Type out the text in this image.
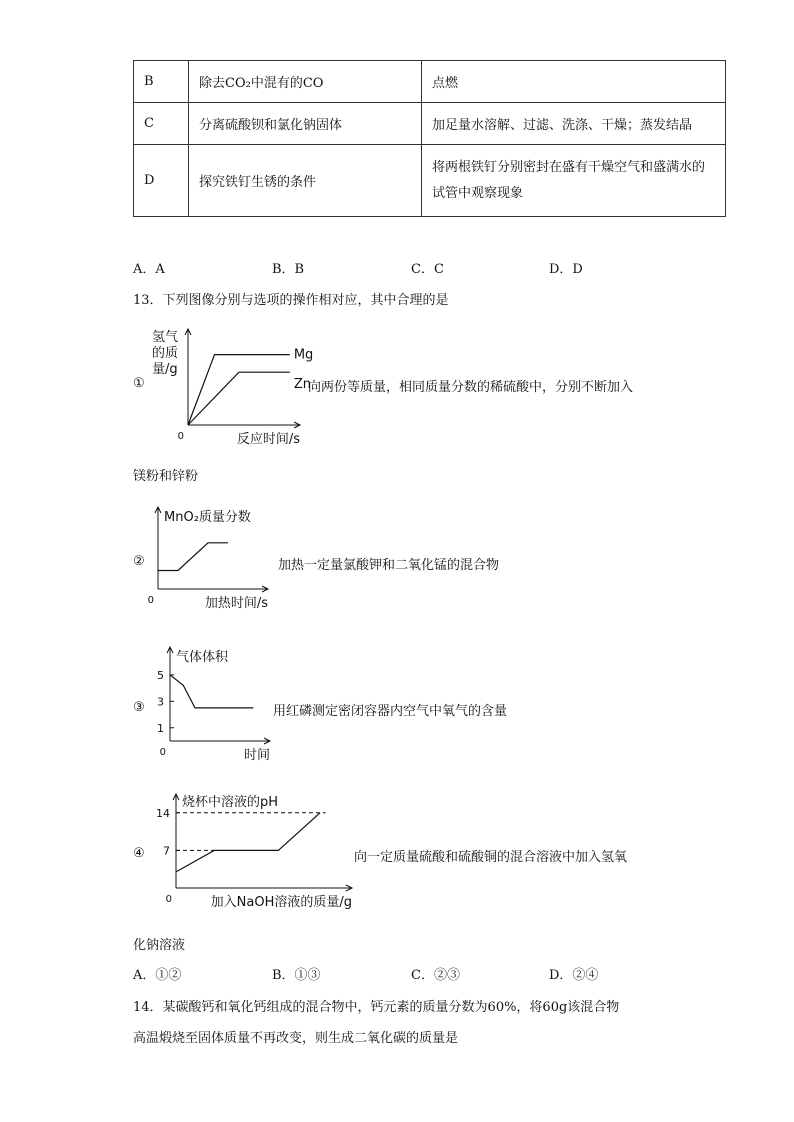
B	除去CO₂中混有的CO	点燃
C	分离硫酸钡和氯化钠固体	加足量水溶解、过滤、洗涤、干燥；蒸发结晶
D	探究铁钉生锈的条件	将两根铁钉分别密封在盛有干燥空气和盛满水的试管中观察现象
A．A	B．B	C．C	D．D
13．下列图像分别与选项的操作相对应，其中合理的是
①
氢气
的质
量/g
反应时间/s
0
Mg
Zn
向两份等质量，相同质量分数的稀硫酸中，分别不断加入
镁粉和锌粉
②
MnO₂质量分数
加热时间/s
0
加热一定量氯酸钾和二氧化锰的混合物
③
气体体积
时间
0
1
3
5
用红磷测定密闭容器内空气中氧气的含量
④
烧杯中溶液的pH
加入NaOH溶液的质量/g
0
7
14
向一定质量硫酸和硫酸铜的混合溶液中加入氢氧
化钠溶液
A．①②	B．①③	C．②③	D．②④
14．某碳酸钙和氧化钙组成的混合物中，钙元素的质量分数为60%，将60g该混合物
高温煅烧至固体质量不再改变，则生成二氧化碳的质量是
